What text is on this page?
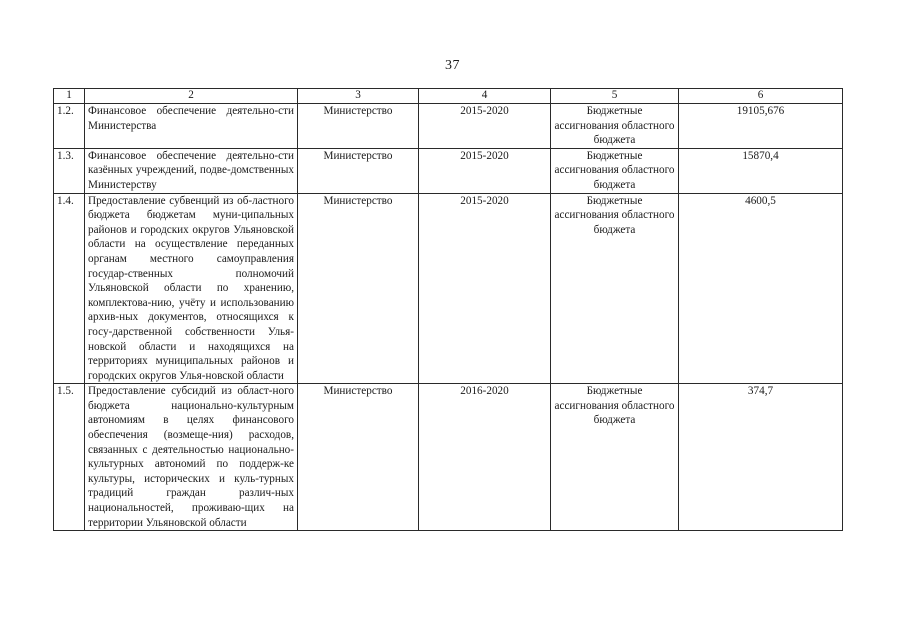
37
1	2	3	4	5	6
1.2.	Финансовое обеспечение деятельно-сти Министерства	Министерство	2015-2020	Бюджетные ассигнования областного бюджета	19105,676
1.3.	Финансовое обеспечение деятельно-сти казённых учреждений, подве-домственных Министерству	Министерство	2015-2020	Бюджетные ассигнования областного бюджета	15870,4
1.4.	Предоставление субвенций из об-ластного бюджета бюджетам муни-ципальных районов и городских округов Ульяновской области на осуществление переданных органам местного самоуправления государ-ственных полномочий Ульяновской области по хранению, комплектова-нию, учёту и использованию архив-ных документов, относящихся к госу-дарственной собственности Улья-новской области и находящихся на территориях муниципальных районов и городских округов Улья-новской области	Министерство	2015-2020	Бюджетные ассигнования областного бюджета	4600,5
1.5.	Предоставление субсидий из област-ного бюджета национально-культурным автономиям в целях финансового обеспечения (возмеще-ния) расходов, связанных с деятельностью национально-культурных автономий по поддерж-ке культуры, исторических и куль-турных традиций граждан различ-ных национальностей, проживаю-щих на территории Ульяновской области	Министерство	2016-2020	Бюджетные ассигнования областного бюджета	374,7
